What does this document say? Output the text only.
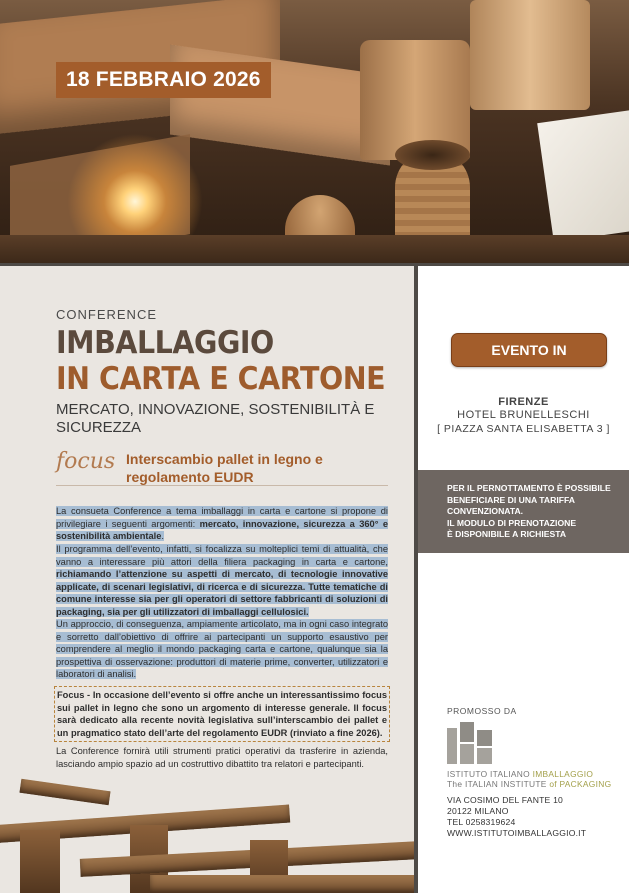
18 FEBBRAIO 2026
CONFERENCE
IMBALLAGGIO
IN CARTA E CARTONE
MERCATO, INNOVAZIONE, SOSTENIBILITÀ E SICUREZZA
focus Interscambio pallet in legno e regolamento EUDR
La consueta Conference a tema imballaggi in carta e cartone si propone di privilegiare i seguenti argomenti: mercato, innovazione, sicurezza a 360° e sostenibilità ambientale.
Il programma dell’evento, infatti, si focalizza su molteplici temi di attualità, che vanno a interessare più attori della filiera packaging in carta e cartone, richiamando l’attenzione su aspetti di mercato, di tecnologie innovative applicate, di scenari legislativi, di ricerca e di sicurezza. Tutte tematiche di comune interesse sia per gli operatori di settore fabbricanti di soluzioni di packaging, sia per gli utilizzatori di imballaggi cellulosici.
Un approccio, di conseguenza, ampiamente articolato, ma in ogni caso integrato e sorretto dall’obiettivo di offrire ai partecipanti un supporto esaustivo per comprendere al meglio il mondo packaging carta e cartone, qualunque sia la prospettiva di osservazione: produttori di materie prime, converter, utilizzatori e laboratori di analisi.
Focus - In occasione dell’evento si offre anche un interessantissimo focus sui pallet in legno che sono un argomento di interesse generale. Il focus sarà dedicato alla recente novità legislativa sull’interscambio dei pallet e un pragmatico stato dell’arte del regolamento EUDR (rinviato a fine 2026).
La Conference fornirà utili strumenti pratici operativi da trasferire in azienda, lasciando ampio spazio ad un costruttivo dibattito tra relatori e partecipanti.
EVENTO IN PRESENZA
FIRENZE
HOTEL BRUNELLESCHI
[ PIAZZA SANTA ELISABETTA 3 ]
PER IL PERNOTTAMENTO È POSSIBILE
BENEFICIARE DI UNA TARIFFA
CONVENZIONATA.
IL MODULO DI PRENOTAZIONE
È DISPONIBILE A RICHIESTA
PROMOSSO DA
ISTITUTO ITALIANO IMBALLAGGIO
The ITALIAN INSTITUTE of PACKAGING
VIA COSIMO DEL FANTE 10
20122 MILANO
TEL 0258319624
WWW.ISTITUTOIMBALLAGGIO.IT
